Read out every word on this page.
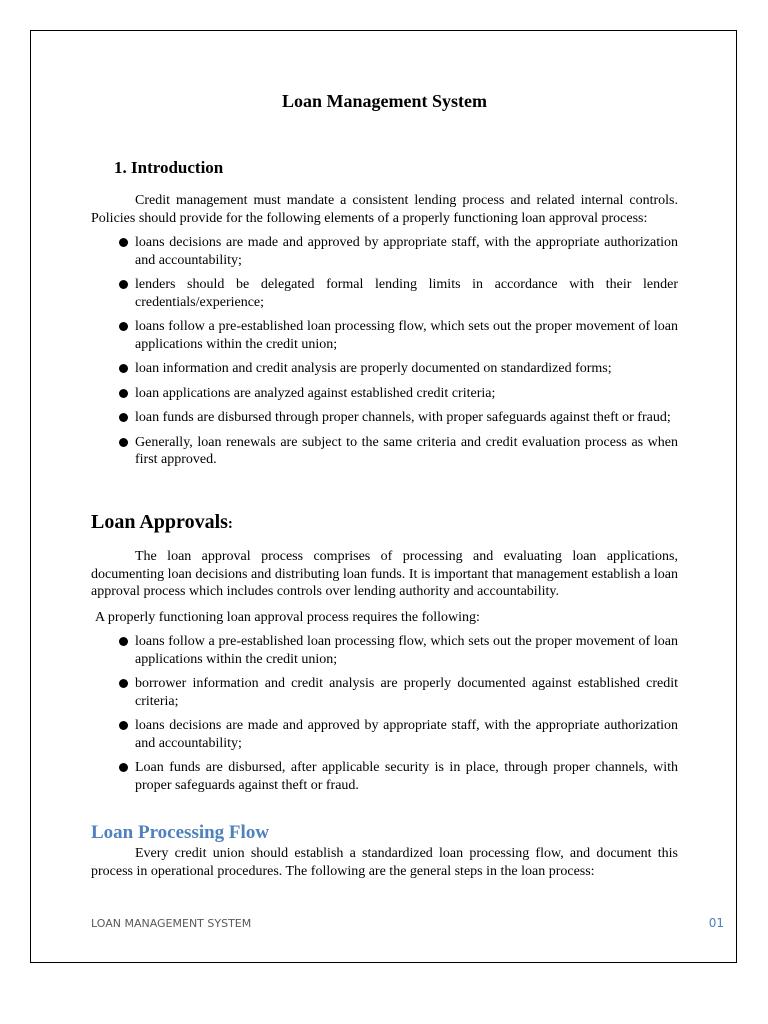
Loan Management System
1. Introduction

Credit management must mandate a consistent lending process and related internal controls. Policies should provide for the following elements of a properly functioning loan approval process:

loans decisions are made and approved by appropriate staff, with the appropriate authorization and accountability;
lenders should be delegated formal lending limits in accordance with their lender credentials/experience;
loans follow a pre-established loan processing flow, which sets out the proper movement of loan applications within the credit union;
loan information and credit analysis are properly documented on standardized forms;
loan applications are analyzed against established credit criteria;
loan funds are disbursed through proper channels, with proper safeguards against theft or fraud;
Generally, loan renewals are subject to the same criteria and credit evaluation process as when first approved.
Loan Approvals:

The loan approval process comprises of processing and evaluating loan applications, documenting loan decisions and distributing loan funds. It is important that management establish a loan approval process which includes controls over lending authority and accountability.

A properly functioning loan approval process requires the following:

loans follow a pre-established loan processing flow, which sets out the proper movement of loan applications within the credit union;
borrower information and credit analysis are properly documented against established credit criteria;
loans decisions are made and approved by appropriate staff, with the appropriate authorization and accountability;
Loan funds are disbursed, after applicable security is in place, through proper channels, with proper safeguards against theft or fraud.
Loan Processing Flow

Every credit union should establish a standardized loan processing flow, and document this process in operational procedures. The following are the general steps in the loan process:

LOAN MANAGEMENT SYSTEM	01
